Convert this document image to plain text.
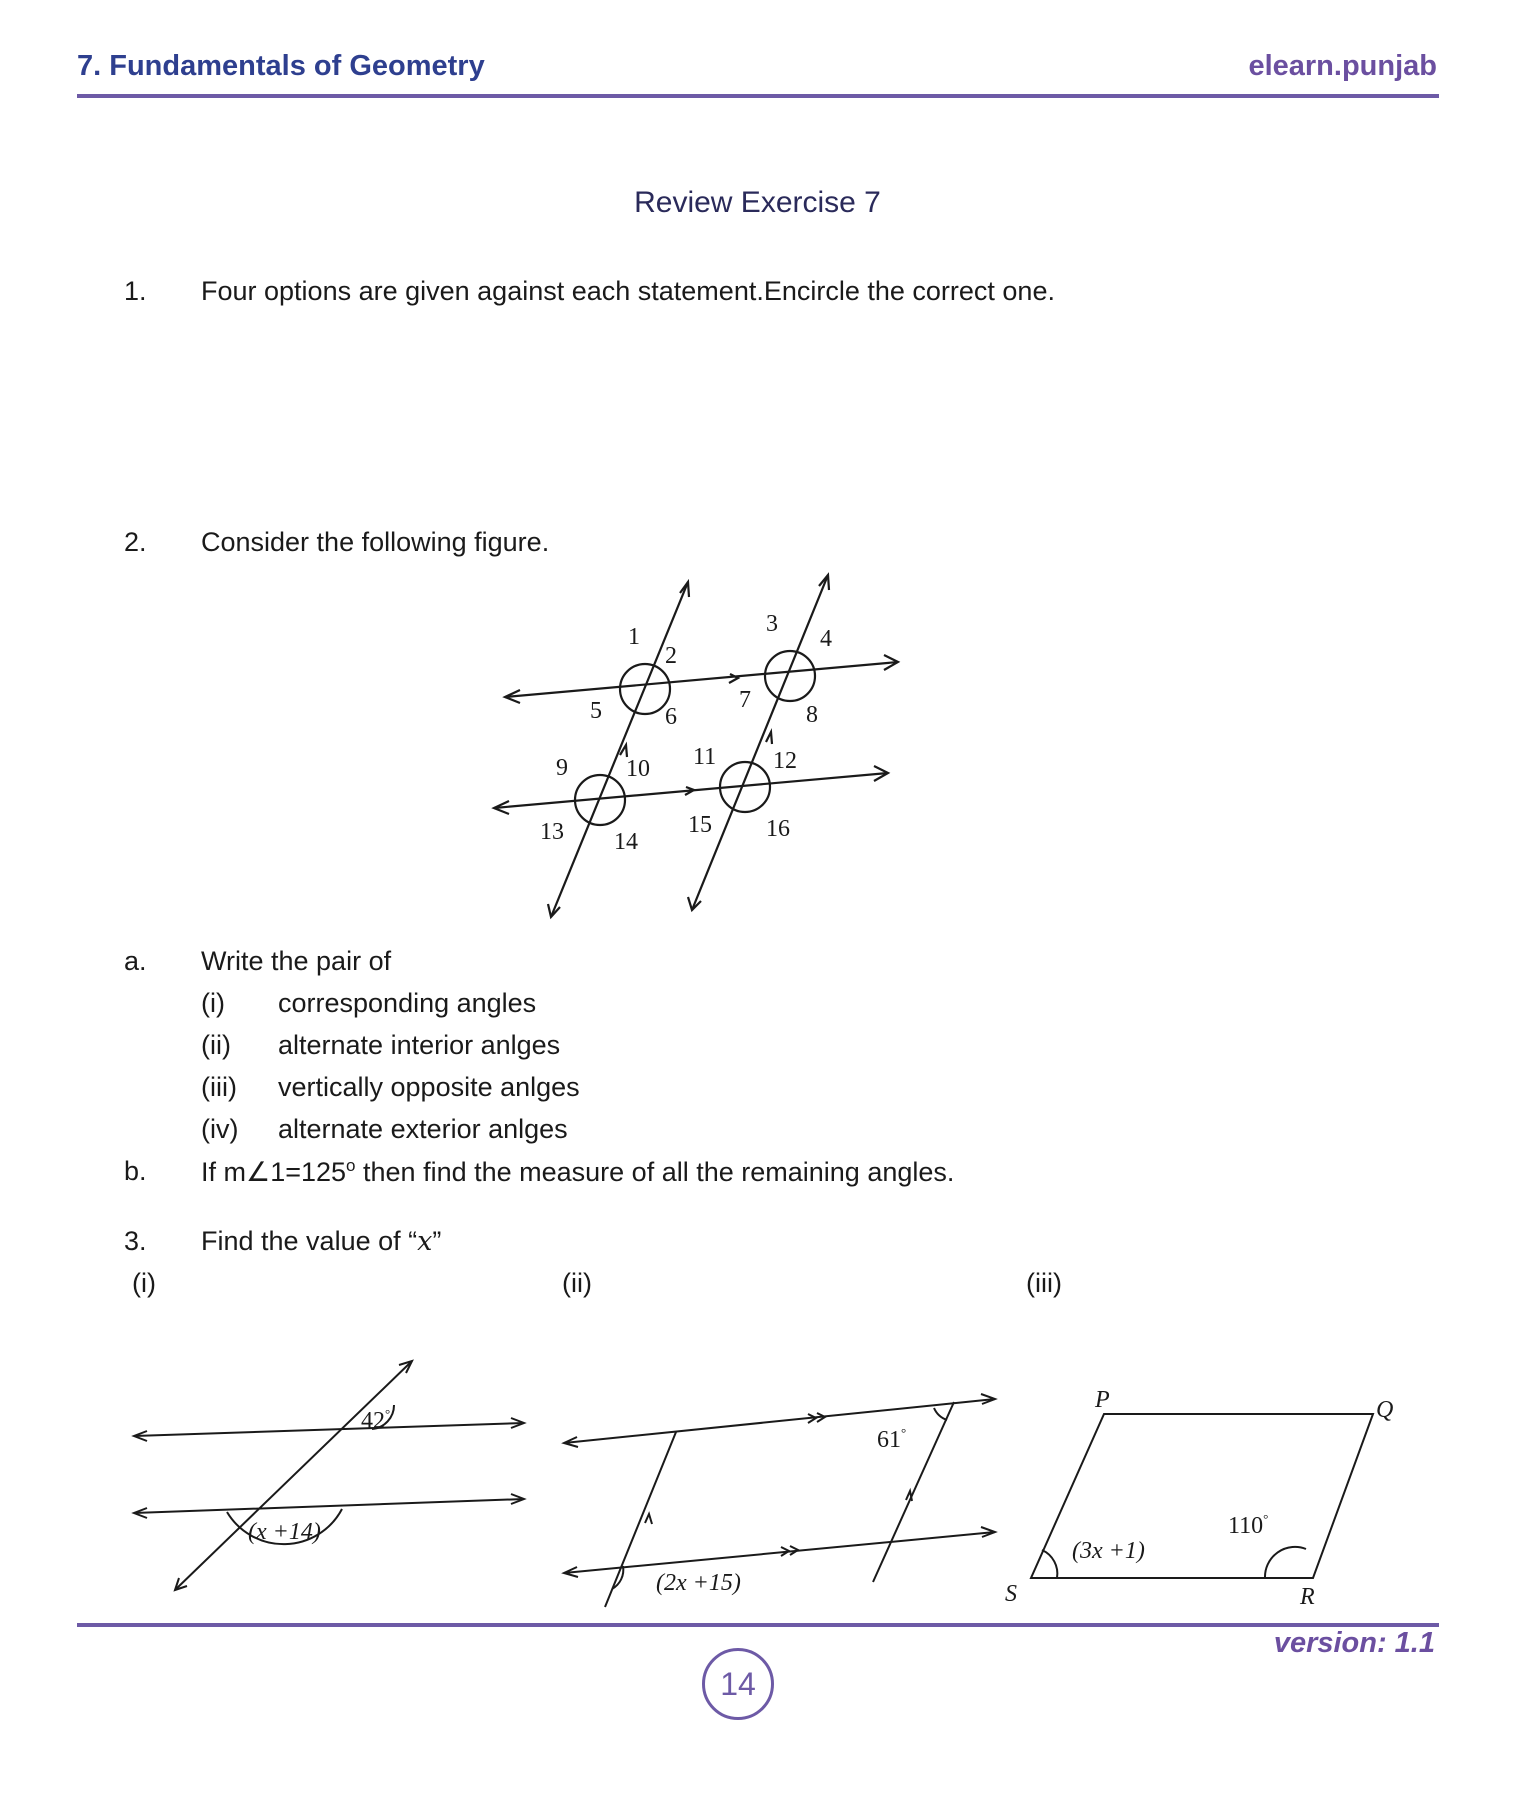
7. Fundamentals of Geometry	elearn.punjab
Review Exercise 7
1.	Four options are given against each statement.Encircle the correct one.
2.	Consider the following figure.
1
2
3
4
5	6
7
8
9 10 11 12
13 14
15 16
a. Write the pair of
(i) corresponding angles
(ii) alternate interior anlges
(iii) vertically opposite anlges
(iv) alternate exterior anlges
b. If $m\angle 1=125^o$ then find the measure of all the remaining angles.
3.	Find the value of “x”
(i)	(ii)	(iii)
42°
(x +14)
61°
(2x +15)
P	Q
R
S
110°
(3x +1)
version: 1.1
14
